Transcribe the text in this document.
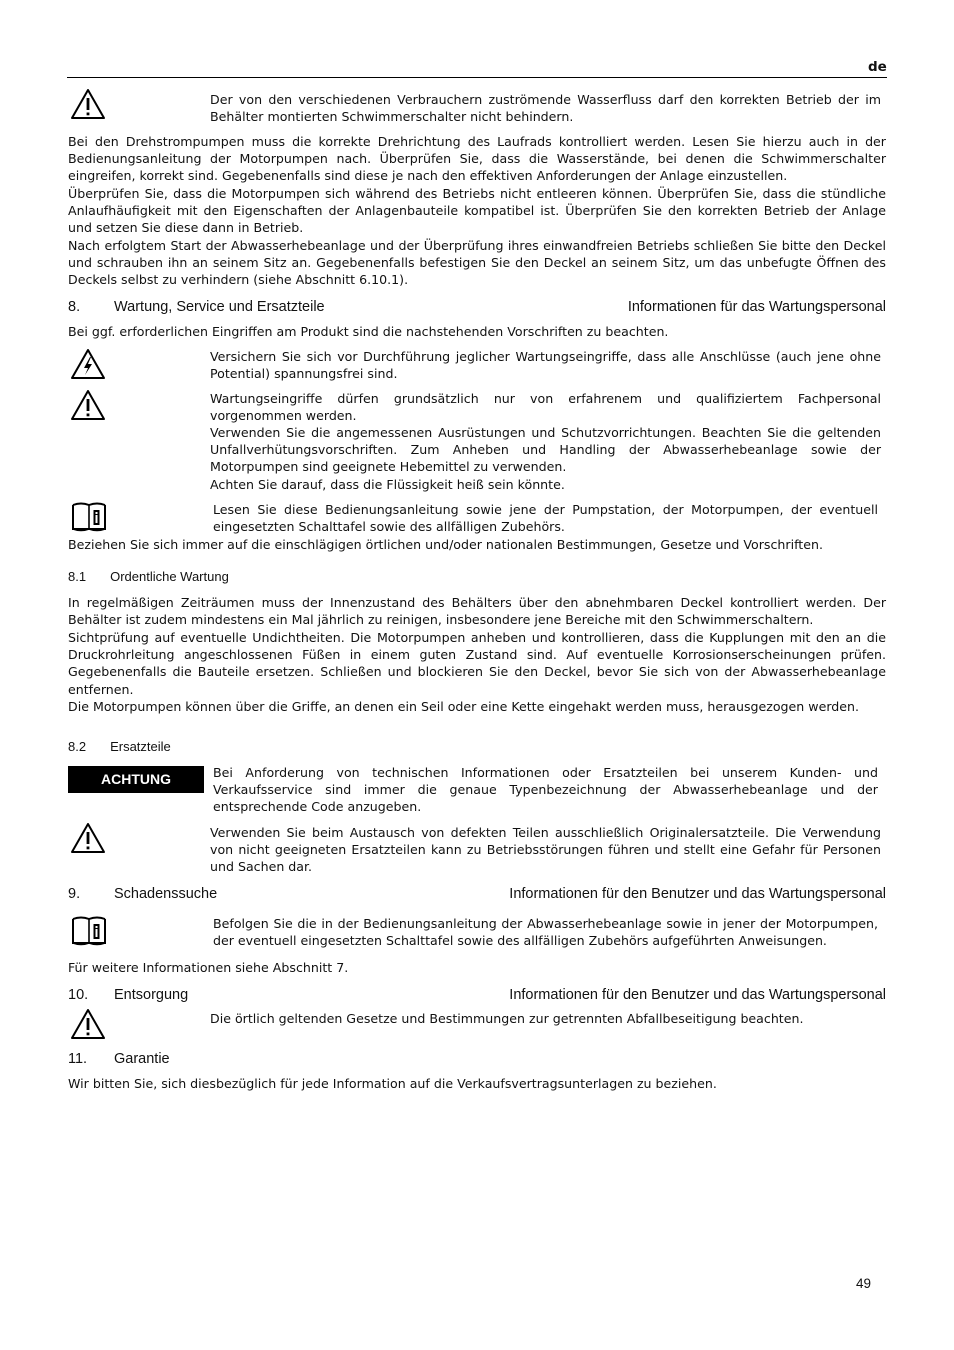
de
Der von den verschiedenen Verbrauchern zuströmende Wasserfluss darf den korrekten Betrieb der im Behälter montierten Schwimmerschalter nicht behindern.
Bei den Drehstrompumpen muss die korrekte Drehrichtung des Laufrads kontrolliert werden. Lesen Sie hierzu auch in der Bedienungsanleitung der Motorpumpen nach. Überprüfen Sie, dass die Wasserstände, bei denen die Schwimmerschalter eingreifen, korrekt sind. Gegebenenfalls sind diese je nach den effektiven Anforderungen der Anlage einzustellen.
Überprüfen Sie, dass die Motorpumpen sich während des Betriebs nicht entleeren können. Überprüfen Sie, dass die stündliche Anlaufhäufigkeit mit den Eigenschaften der Anlagenbauteile kompatibel ist. Überprüfen Sie den korrekten Betrieb der Anlage und setzen Sie diese dann in Betrieb.
Nach erfolgtem Start der Abwasserhebeanlage und der Überprüfung ihres einwandfreien Betriebs schließen Sie bitte den Deckel und schrauben ihn an seinem Sitz an. Gegebenenfalls befestigen Sie den Deckel an seinem Sitz, um das unbefugte Öffnen des Deckels selbst zu verhindern (siehe Abschnitt 6.10.1).
8. Wartung, Service und Ersatzteile	Informationen für das Wartungspersonal
Bei ggf. erforderlichen Eingriffen am Produkt sind die nachstehenden Vorschriften zu beachten.
Versichern Sie sich vor Durchführung jeglicher Wartungseingriffe, dass alle Anschlüsse (auch jene ohne Potential) spannungsfrei sind.
Wartungseingriffe dürfen grundsätzlich nur von erfahrenem und qualifiziertem Fachpersonal vorgenommen werden.
Verwenden Sie die angemessenen Ausrüstungen und Schutzvorrichtungen. Beachten Sie die geltenden Unfallverhütungsvorschriften. Zum Anheben und Handling der Abwasserhebeanlage sowie der Motorpumpen sind geeignete Hebemittel zu verwenden.
Achten Sie darauf, dass die Flüssigkeit heiß sein könnte.
Lesen Sie diese Bedienungsanleitung sowie jene der Pumpstation, der Motorpumpen, der eventuell eingesetzten Schalttafel sowie des allfälligen Zubehörs.
Beziehen Sie sich immer auf die einschlägigen örtlichen und/oder nationalen Bestimmungen, Gesetze und Vorschriften.
8.1 Ordentliche Wartung
In regelmäßigen Zeiträumen muss der Innenzustand des Behälters über den abnehmbaren Deckel kontrolliert werden. Der Behälter ist zudem mindestens ein Mal jährlich zu reinigen, insbesondere jene Bereiche mit den Schwimmerschaltern.
Sichtprüfung auf eventuelle Undichtheiten. Die Motorpumpen anheben und kontrollieren, dass die Kupplungen mit den an die Druckrohrleitung angeschlossenen Füßen in einem guten Zustand sind. Auf eventuelle Korrosionserscheinungen prüfen. Gegebenenfalls die Bauteile ersetzen. Schließen und blockieren Sie den Deckel, bevor Sie sich von der Abwasserhebeanlage entfernen.
Die Motorpumpen können über die Griffe, an denen ein Seil oder eine Kette eingehakt werden muss, herausgezogen werden.
8.2 Ersatzteile
ACHTUNG	Bei Anforderung von technischen Informationen oder Ersatzteilen bei unserem Kunden- und Verkaufsservice sind immer die genaue Typenbezeichnung der Abwasserhebeanlage und der entsprechende Code anzugeben.
Verwenden Sie beim Austausch von defekten Teilen ausschließlich Originalersatzteile. Die Verwendung von nicht geeigneten Ersatzteilen kann zu Betriebsstörungen führen und stellt eine Gefahr für Personen und Sachen dar.
9. Schadenssuche	Informationen für den Benutzer und das Wartungspersonal
Befolgen Sie die in der Bedienungsanleitung der Abwasserhebeanlage sowie in jener der Motorpumpen, der eventuell eingesetzten Schalttafel sowie des allfälligen Zubehörs aufgeführten Anweisungen.
Für weitere Informationen siehe Abschnitt 7.
10. Entsorgung	Informationen für den Benutzer und das Wartungspersonal
Die örtlich geltenden Gesetze und Bestimmungen zur getrennten Abfallbeseitigung beachten.
11. Garantie
Wir bitten Sie, sich diesbezüglich für jede Information auf die Verkaufsvertragsunterlagen zu beziehen.
49
